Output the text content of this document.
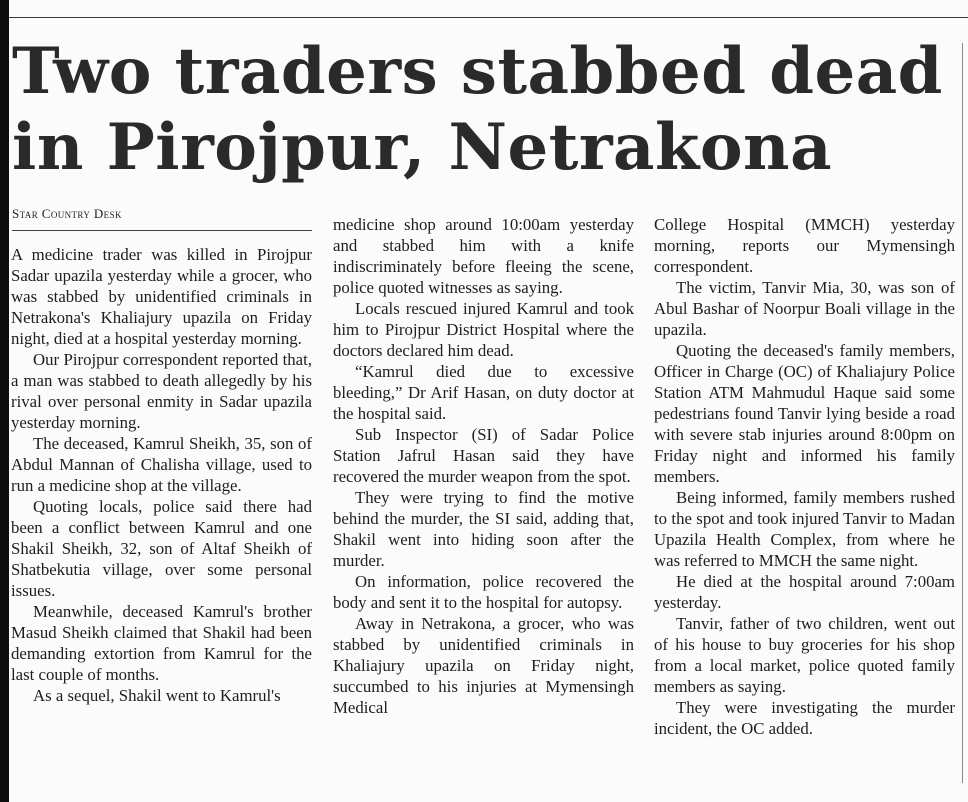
Two traders stabbed dead in Pirojpur, Netrakona
Star Country Desk

A medicine trader was killed in Pirojpur Sadar upazila yesterday while a grocer, who was stabbed by unidentified criminals in Netrakona's Khaliajury upazila on Friday night, died at a hospital yesterday morning.

Our Pirojpur correspondent reported that, a man was stabbed to death allegedly by his rival over personal enmity in Sadar upazila yesterday morning.

The deceased, Kamrul Sheikh, 35, son of Abdul Mannan of Chalisha village, used to run a medicine shop at the village.

Quoting locals, police said there had been a conflict between Kamrul and one Shakil Sheikh, 32, son of Altaf Sheikh of Shatbekutia village, over some personal issues.

Meanwhile, deceased Kamrul's brother Masud Sheikh claimed that Shakil had been demanding extortion from Kamrul for the last couple of months.

As a sequel, Shakil went to Kamrul's

medicine shop around 10:00am yesterday and stabbed him with a knife indiscriminately before fleeing the scene, police quoted witnesses as saying.

Locals rescued injured Kamrul and took him to Pirojpur District Hospital where the doctors declared him dead.

“Kamrul died due to excessive bleeding,” Dr Arif Hasan, on duty doctor at the hospital said.

Sub Inspector (SI) of Sadar Police Station Jafrul Hasan said they have recovered the murder weapon from the spot.

They were trying to find the motive behind the murder, the SI said, adding that, Shakil went into hiding soon after the murder.

On information, police recovered the body and sent it to the hospital for autopsy.

Away in Netrakona, a grocer, who was stabbed by unidentified criminals in Khaliajury upazila on Friday night, succumbed to his injuries at Mymensingh Medical

College Hospital (MMCH) yesterday morning, reports our Mymensingh correspondent.

The victim, Tanvir Mia, 30, was son of Abul Bashar of Noorpur Boali village in the upazila.

Quoting the deceased's family members, Officer in Charge (OC) of Khaliajury Police Station ATM Mahmudul Haque said some pedestrians found Tanvir lying beside a road with severe stab injuries around 8:00pm on Friday night and informed his family members.

Being informed, family members rushed to the spot and took injured Tanvir to Madan Upazila Health Complex, from where he was referred to MMCH the same night.

He died at the hospital around 7:00am yesterday.

Tanvir, father of two children, went out of his house to buy groceries for his shop from a local market, police quoted family members as saying.

They were investigating the murder incident, the OC added.
